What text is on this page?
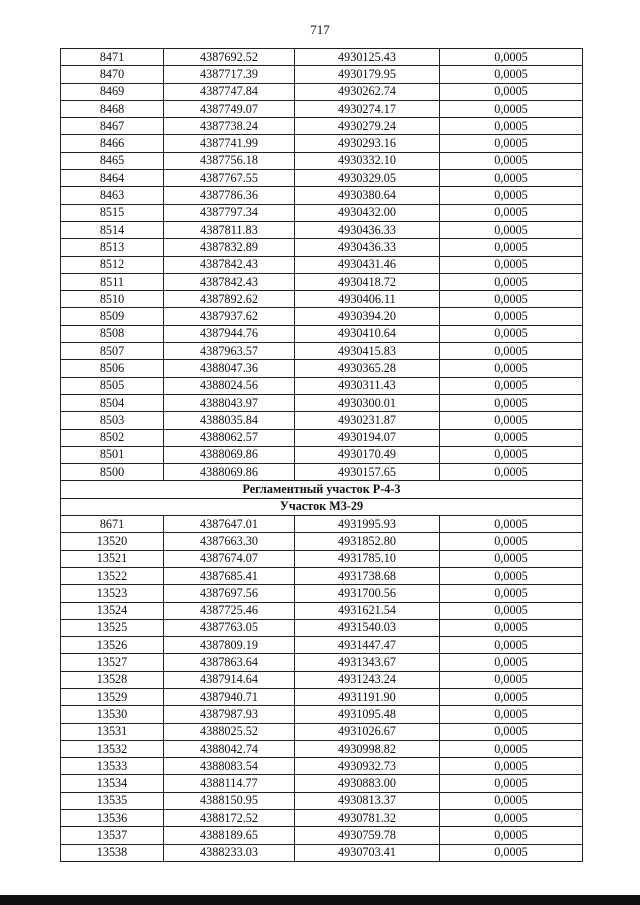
717
8471	4387692.52	4930125.43	0,0005
8470	4387717.39	4930179.95	0,0005
8469	4387747.84	4930262.74	0,0005
8468	4387749.07	4930274.17	0,0005
8467	4387738.24	4930279.24	0,0005
8466	4387741.99	4930293.16	0,0005
8465	4387756.18	4930332.10	0,0005
8464	4387767.55	4930329.05	0,0005
8463	4387786.36	4930380.64	0,0005
8515	4387797.34	4930432.00	0,0005
8514	4387811.83	4930436.33	0,0005
8513	4387832.89	4930436.33	0,0005
8512	4387842.43	4930431.46	0,0005
8511	4387842.43	4930418.72	0,0005
8510	4387892.62	4930406.11	0,0005
8509	4387937.62	4930394.20	0,0005
8508	4387944.76	4930410.64	0,0005
8507	4387963.57	4930415.83	0,0005
8506	4388047.36	4930365.28	0,0005
8505	4388024.56	4930311.43	0,0005
8504	4388043.97	4930300.01	0,0005
8503	4388035.84	4930231.87	0,0005
8502	4388062.57	4930194.07	0,0005
8501	4388069.86	4930170.49	0,0005
8500	4388069.86	4930157.65	0,0005
Регламентный участок Р-4-3			
Участок М3-29			
8671	4387647.01	4931995.93	0,0005
13520	4387663.30	4931852.80	0,0005
13521	4387674.07	4931785.10	0,0005
13522	4387685.41	4931738.68	0,0005
13523	4387697.56	4931700.56	0,0005
13524	4387725.46	4931621.54	0,0005
13525	4387763.05	4931540.03	0,0005
13526	4387809.19	4931447.47	0,0005
13527	4387863.64	4931343.67	0,0005
13528	4387914.64	4931243.24	0,0005
13529	4387940.71	4931191.90	0,0005
13530	4387987.93	4931095.48	0,0005
13531	4388025.52	4931026.67	0,0005
13532	4388042.74	4930998.82	0,0005
13533	4388083.54	4930932.73	0,0005
13534	4388114.77	4930883.00	0,0005
13535	4388150.95	4930813.37	0,0005
13536	4388172.52	4930781.32	0,0005
13537	4388189.65	4930759.78	0,0005
13538	4388233.03	4930703.41	0,0005
